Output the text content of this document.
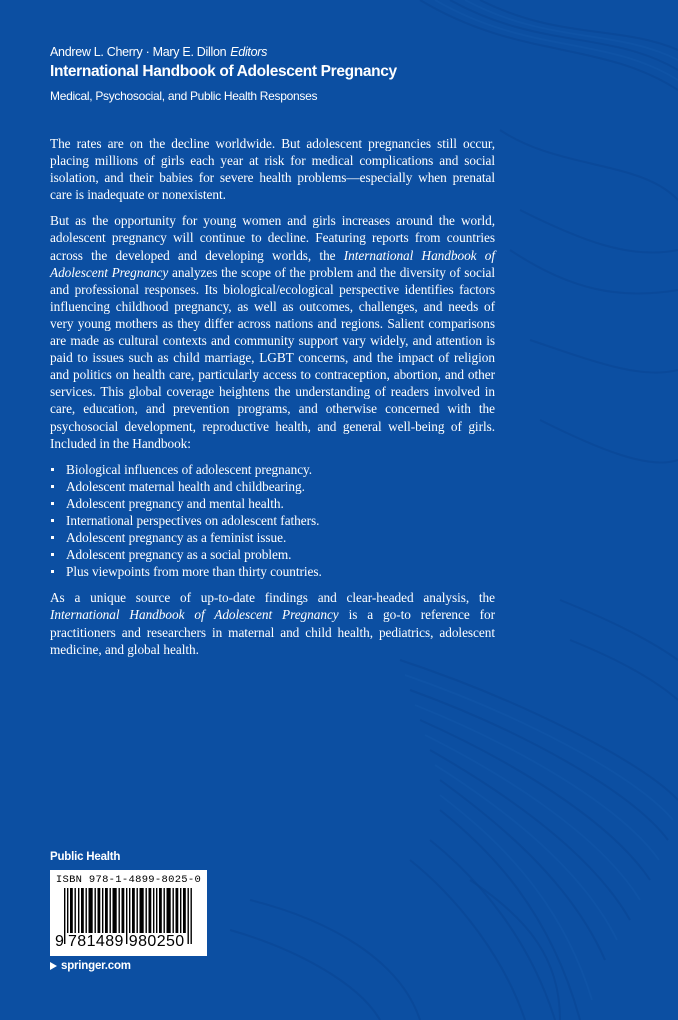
Andrew L. Cherry · Mary E. Dillon Editors
International Handbook of Adolescent Pregnancy
Medical, Psychosocial, and Public Health Responses

The rates are on the decline worldwide. But adolescent pregnancies still occur, placing millions of girls each year at risk for medical complications and social isolation, and their babies for severe health problems—especially when prenatal care is inadequate or nonexistent.

But as the opportunity for young women and girls increases around the world, adolescent pregnancy will continue to decline. Featuring reports from countries across the developed and developing worlds, the International Handbook of Adolescent Pregnancy analyzes the scope of the problem and the diversity of social and professional responses. Its biological/ecological perspective identifies factors influencing childhood pregnancy, as well as outcomes, challenges, and needs of very young mothers as they differ across nations and regions. Salient comparisons are made as cultural contexts and community support vary widely, and attention is paid to issues such as child marriage, LGBT concerns, and the impact of religion and politics on health care, particularly access to contraception, abortion, and other services. This global coverage heightens the understanding of readers involved in care, education, and prevention programs, and otherwise concerned with the psychosocial development, reproductive health, and general well-being of girls. Included in the Handbook:

Biological influences of adolescent pregnancy.
Adolescent maternal health and childbearing.
Adolescent pregnancy and mental health.
International perspectives on adolescent fathers.
Adolescent pregnancy as a feminist issue.
Adolescent pregnancy as a social problem.
Plus viewpoints from more than thirty countries.

As a unique source of up-to-date findings and clear-headed analysis, the International Handbook of Adolescent Pregnancy is a go-to reference for practitioners and researchers in maternal and child health, pediatrics, adolescent medicine, and global health.

Public Health
ISBN 978-1-4899-8025-0
9 781489 980250
springer.com
